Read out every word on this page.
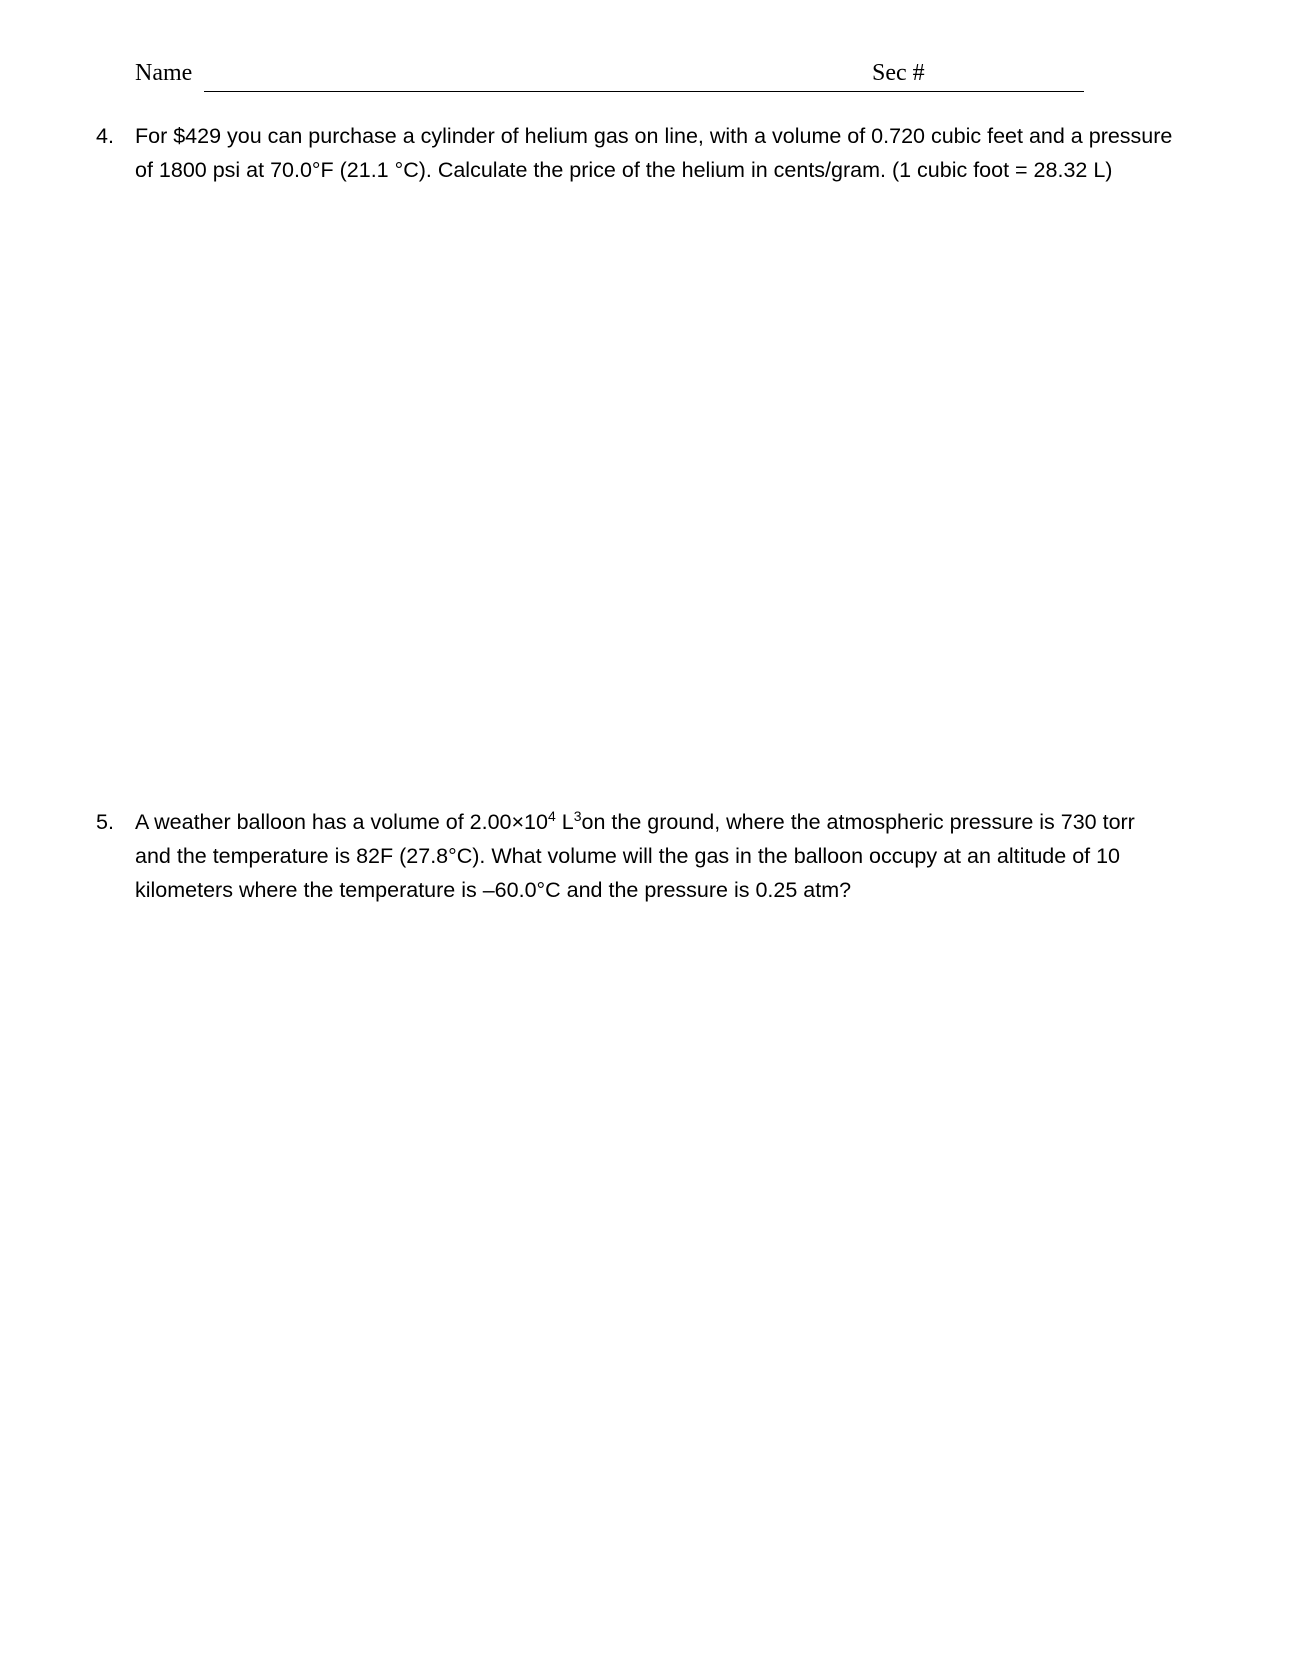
Name	Sec #
4. For $429 you can purchase a cylinder of helium gas on line, with a volume of 0.720 cubic feet and a pressure of 1800 psi at 70.0°F (21.1 °C). Calculate the price of the helium in cents/gram. (1 cubic foot = 28.32 L)
5. A weather balloon has a volume of $2.00\times 10^4$ $L^3on$ the ground, where the atmospheric pressure is 730 torr and the temperature is 82F (27.8°C). What volume will the gas in the balloon occupy at an altitude of 10 kilometers where the temperature is –60.0°C and the pressure is 0.25 atm?
